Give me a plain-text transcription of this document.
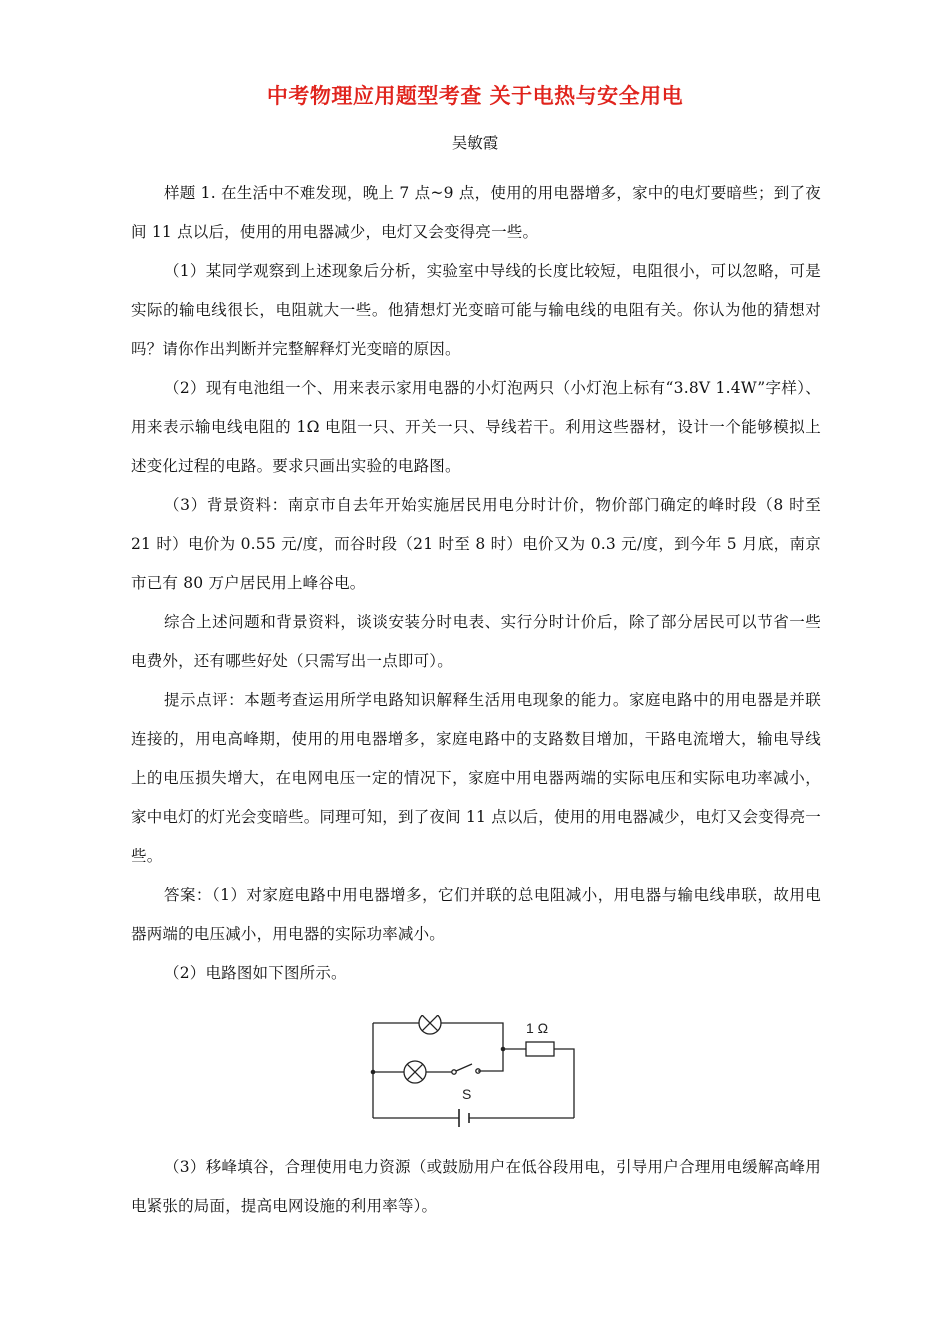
中考物理应用题型考查 关于电热与安全用电
吴敏霞

样题 1. 在生活中不难发现，晚上 7 点~9 点，使用的用电器增多，家中的电灯要暗些；到了夜间 11 点以后，使用的用电器减少，电灯又会变得亮一些。

（1）某同学观察到上述现象后分析，实验室中导线的长度比较短，电阻很小，可以忽略，可是实际的输电线很长，电阻就大一些。他猜想灯光变暗可能与输电线的电阻有关。你认为他的猜想对吗？请你作出判断并完整解释灯光变暗的原因。

（2）现有电池组一个、用来表示家用电器的小灯泡两只（小灯泡上标有“3.8V 1.4W”字样）、用来表示输电线电阻的 1Ω 电阻一只、开关一只、导线若干。利用这些器材，设计一个能够模拟上述变化过程的电路。要求只画出实验的电路图。

（3）背景资料：南京市自去年开始实施居民用电分时计价，物价部门确定的峰时段（8 时至 21 时）电价为 0.55 元/度，而谷时段（21 时至 8 时）电价又为 0.3 元/度，到今年 5 月底，南京市已有 80 万户居民用上峰谷电。

综合上述问题和背景资料，谈谈安装分时电表、实行分时计价后，除了部分居民可以节省一些电费外，还有哪些好处（只需写出一点即可）。

提示点评：本题考查运用所学电路知识解释生活用电现象的能力。家庭电路中的用电器是并联连接的，用电高峰期，使用的用电器增多，家庭电路中的支路数目增加，干路电流增大，输电导线上的电压损失增大，在电网电压一定的情况下，家庭中用电器两端的实际电压和实际电功率减小，家中电灯的灯光会变暗些。同理可知，到了夜间 11 点以后，使用的用电器减少，电灯又会变得亮一些。

答案：（1）对家庭电路中用电器增多，它们并联的总电阻减小，用电器与输电线串联，故用电器两端的电压减小，用电器的实际功率减小。

（2）电路图如下图所示。

1 Ω
S

（3）移峰填谷，合理使用电力资源（或鼓励用户在低谷段用电，引导用户合理用电缓解高峰用电紧张的局面，提高电网设施的利用率等）。
